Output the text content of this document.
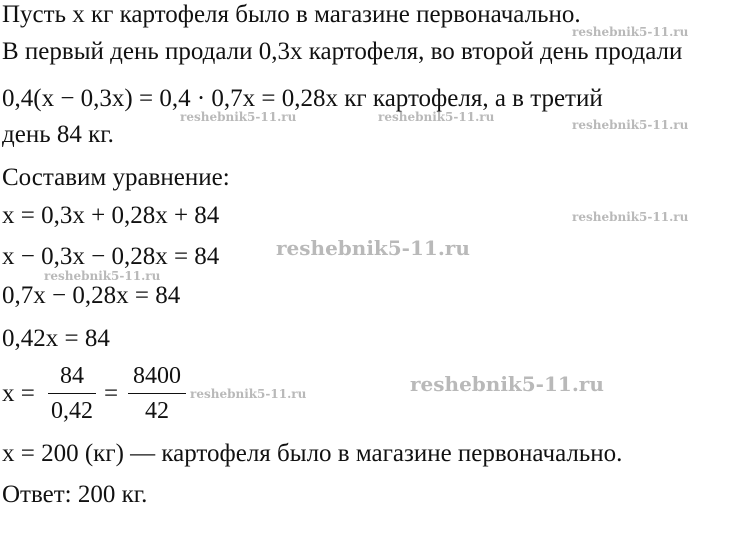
Пусть x кг картофеля было в магазине первоначально.
В первый день продали 0,3x картофеля, во второй день продали
0,4(x − 0,3x) = 0,4 · 0,7x = 0,28x кг картофеля, а в третий
день 84 кг.
Составим уравнение:
x = 0,3x + 0,28x + 84
x − 0,3x − 0,28x = 84
0,7x − 0,28x = 84
0,42x = 84
x =
84
0,42
=
8400
42
x = 200 (кг) — картофеля было в магазине первоначально.
Ответ: 200 кг.
reshebnik5-11.ru
reshebnik5-11.ru	reshebnik5-11.ru
reshebnik5-11.ru
reshebnik5-11.ru
reshebnik5-11.ru
reshebnik5-11.ru
reshebnik5-11.ru	reshebnik5-11.ru
